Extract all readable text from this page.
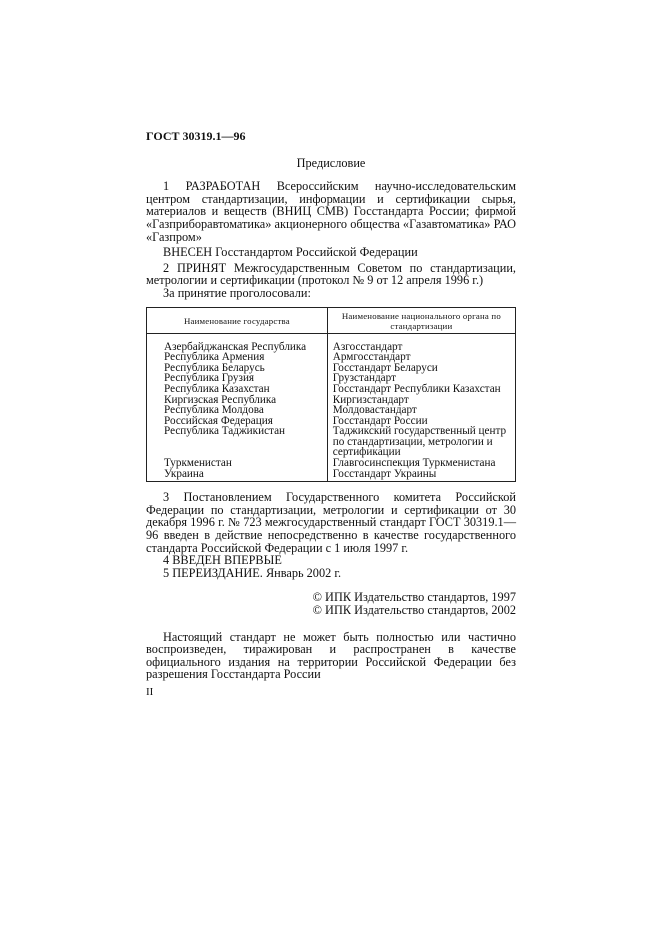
ГОСТ 30319.1—96
Предисловие

1 РАЗРАБОТАН Всероссийским научно-исследовательским центром стандартизации, информации и сертификации сырья, материалов и веществ (ВНИЦ СМВ) Госстандарта России; фирмой «Газприборавтоматика» акционерного общества «Газавтоматика» РАО «Газпром»

ВНЕСЕН Госстандартом Российской Федерации

2 ПРИНЯТ Межгосударственным Советом по стандартизации, метрологии и сертификации (протокол № 9 от 12 апреля 1996 г.)

За принятие проголосовали:

Наименование государства	Наименование национального органа по стандартизации
Азербайджанская Республика	Азгосстандарт
Республика Армения	Армгосстандарт
Республика Беларусь	Госстандарт Беларуси
Республика Грузия	Грузстандарт
Республика Казахстан	Госстандарт Республики Казахстан
Киргизская Республика	Киргизстандарт
Республика Молдова	Молдовастандарт
Российская Федерация	Госстандарт России
Республика Таджикистан	Таджикский государственный центр по стандартизации, метрологии и сертификации
Туркменистан	Главгосинспекция Туркменистана
Украина	Госстандарт Украины

3 Постановлением Государственного комитета Российской Федерации по стандартизации, метрологии и сертификации от 30 декабря 1996 г. № 723 межгосударственный стандарт ГОСТ 30319.1—96 введен в действие непосредственно в качестве государственного стандарта Российской Федерации с 1 июля 1997 г.

4 ВВЕДЕН ВПЕРВЫЕ

5 ПЕРЕИЗДАНИЕ. Январь 2002 г.

© ИПК Издательство стандартов, 1997

© ИПК Издательство стандартов, 2002

Настоящий стандарт не может быть полностью или частично воспроизведен, тиражирован и распространен в качестве официального издания на территории Российской Федерации без разрешения Госстандарта России

II
